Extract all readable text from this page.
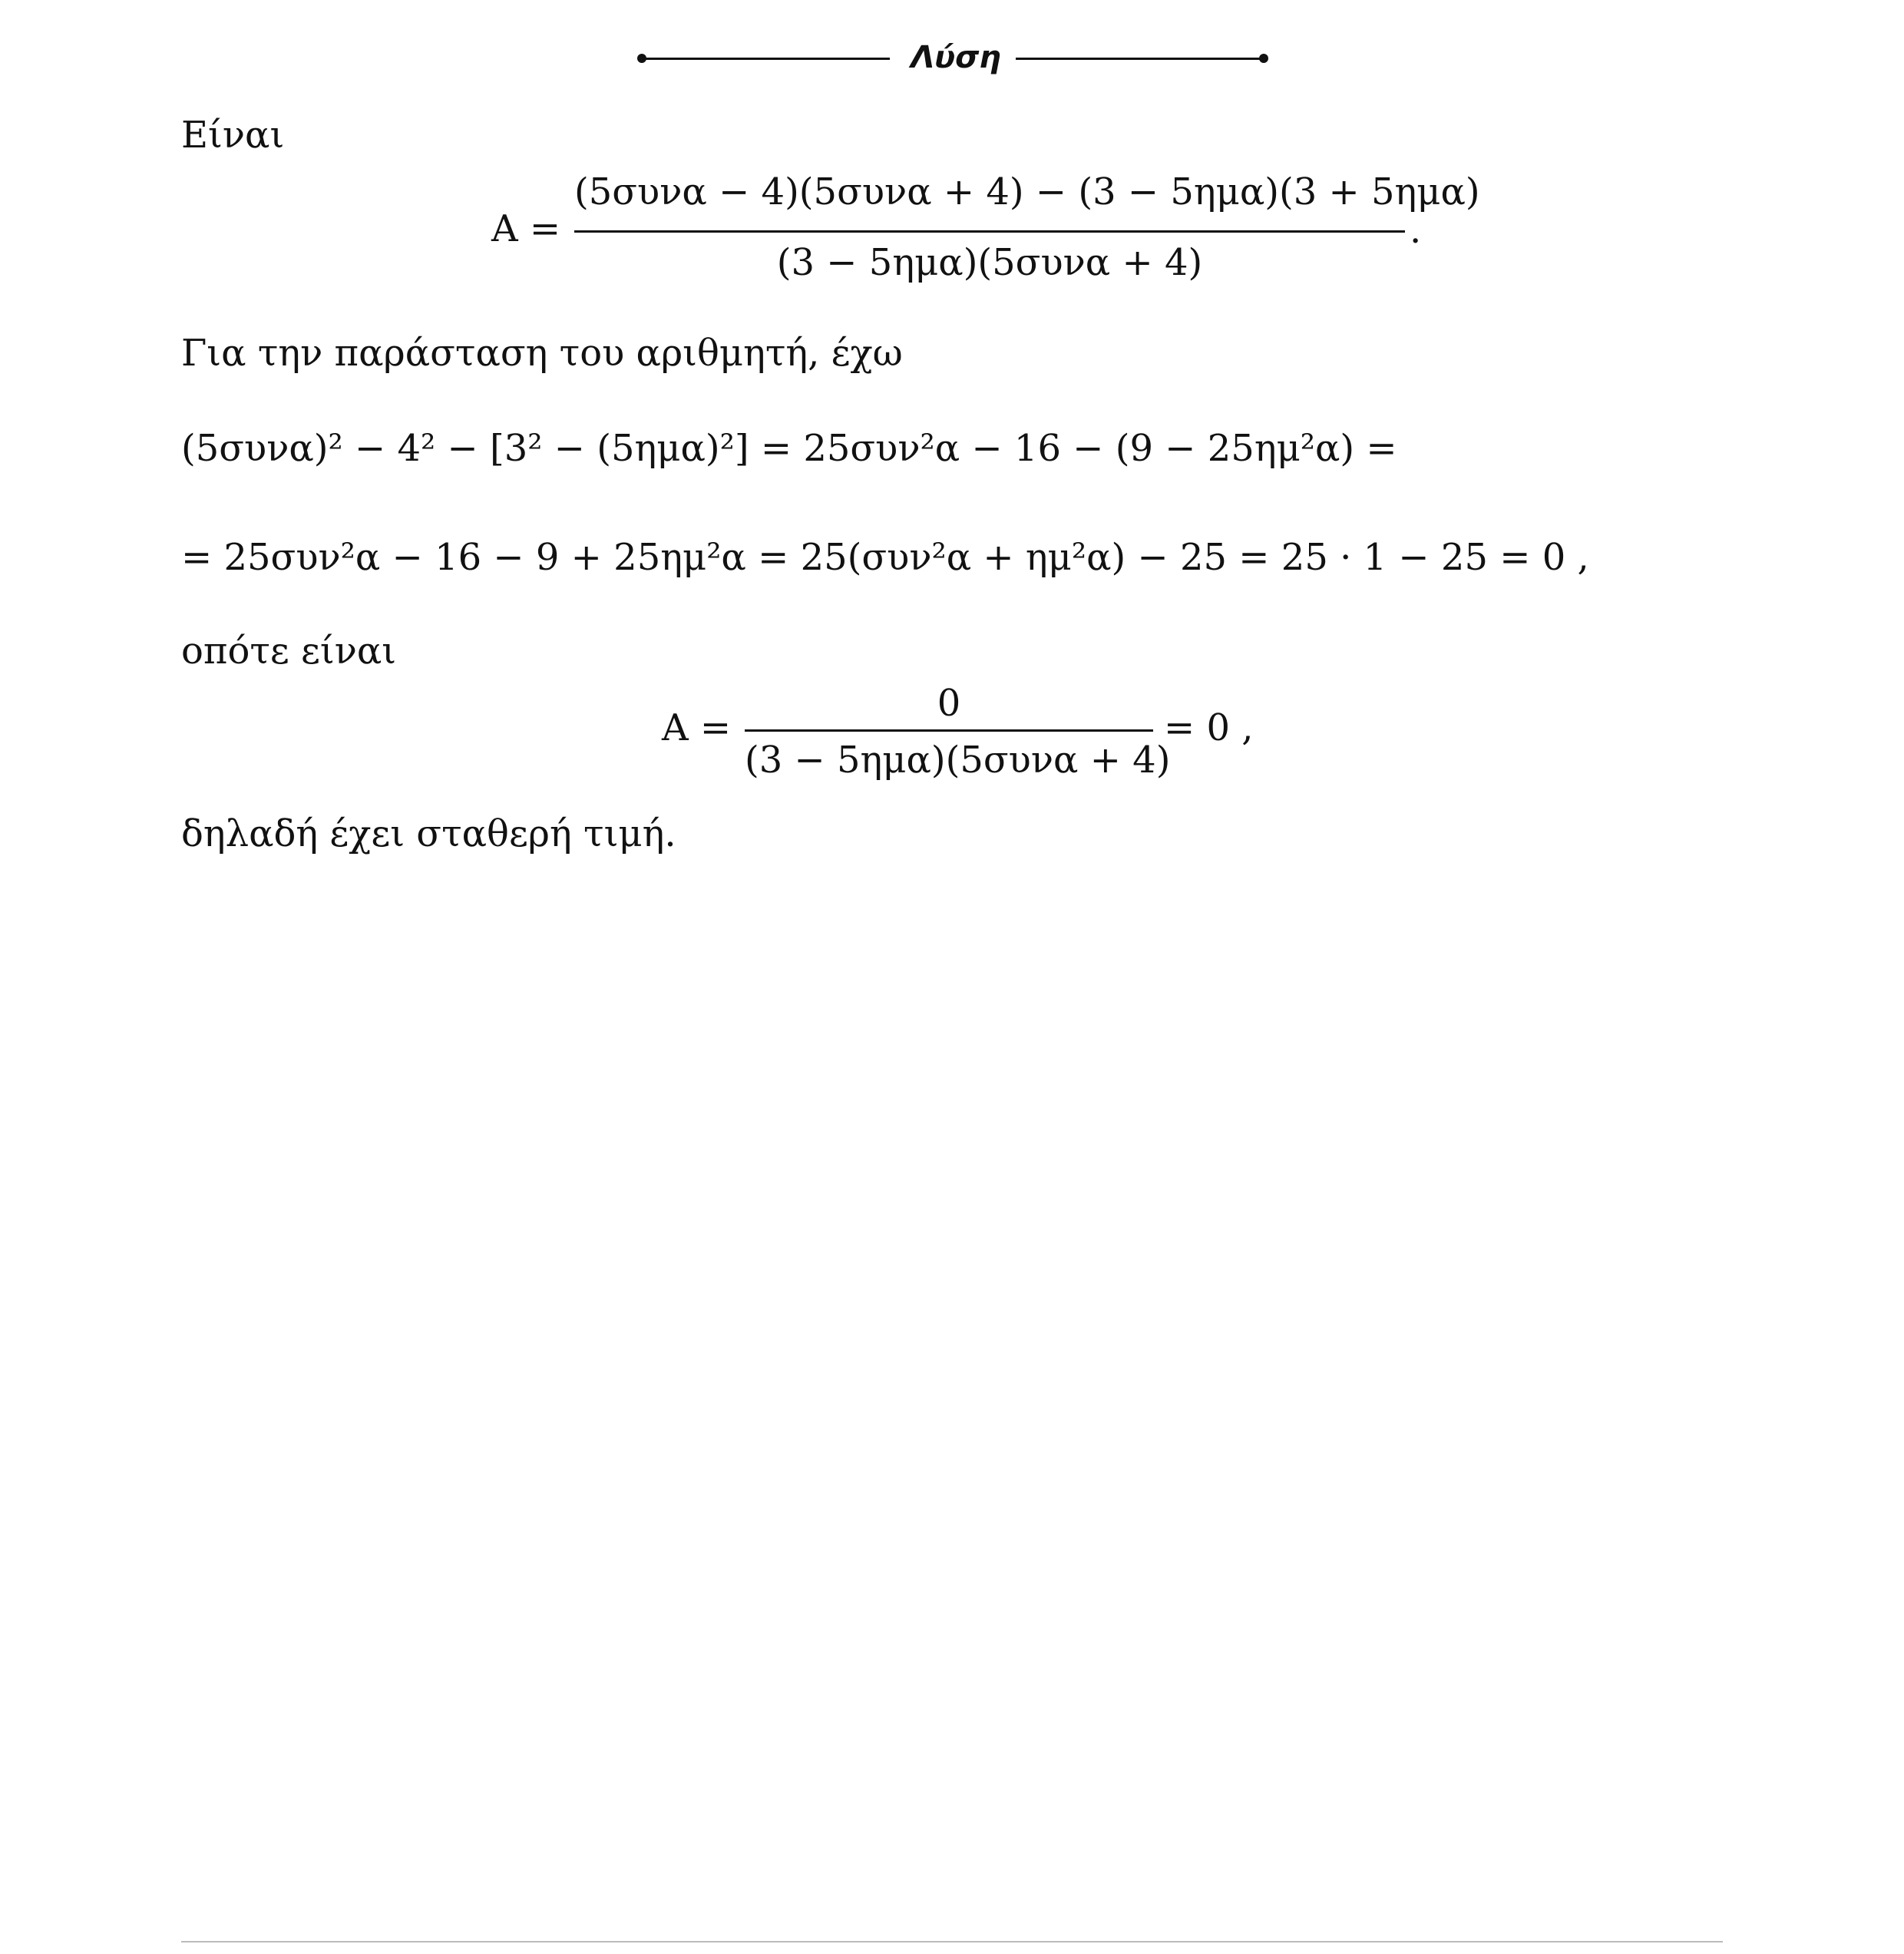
Λύση
Είναι
Α =
(5συνα − 4)(5συνα + 4) − (3 − 5ημα)(3 + 5ημα)
(3 − 5ημα)(5συνα + 4)
.
Για την παράσταση του αριθμητή, έχω
(5συνα)² − 4² − [3² − (5ημα)²] = 25συν²α − 16 − (9 − 25ημ²α) =
= 25συν²α − 16 − 9 + 25ημ²α = 25(συν²α + ημ²α) − 25 = 25 · 1 − 25 = 0 ,
οπότε είναι
Α =
0
(3 − 5ημα)(5συνα + 4)
= 0 ,
δηλαδή έχει σταθερή τιμή.
